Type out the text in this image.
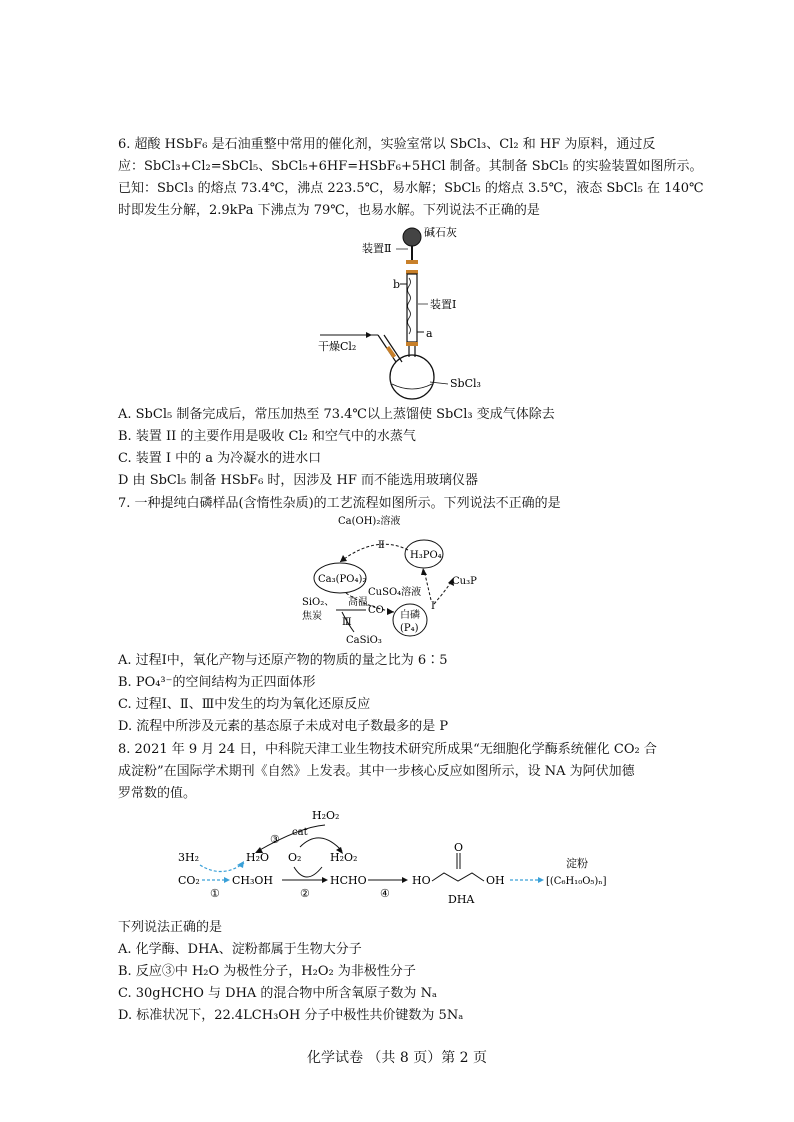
6. 超酸 HSbF₆ 是石油重整中常用的催化剂，实验室常以 SbCl₃、Cl₂ 和 HF 为原料，通过反
应：SbCl₃+Cl₂=SbCl₅、SbCl₅+6HF=HSbF₆+5HCl 制备。其制备 SbCl₅ 的实验装置如图所示。
已知：SbCl₃ 的熔点 73.4℃，沸点 223.5℃，易水解；SbCl₅ 的熔点 3.5℃，液态 SbCl₅ 在 140℃
时即发生分解，2.9kPa 下沸点为 79℃，也易水解。下列说法不正确的是
碱石灰
装置Ⅱ
b
装置Ⅰ
a
干燥Cl₂
SbCl₃
A. SbCl₅ 制备完成后，常压加热至 73.4℃以上蒸馏使 SbCl₃ 变成气体除去
B. 装置 II 的主要作用是吸收 Cl₂ 和空气中的水蒸气
C. 装置 I 中的 a 为冷凝水的进水口
D 由 SbCl₅ 制备 HSbF₆ 时，因涉及 HF 而不能选用玻璃仪器
7. 一种提纯白磷样品(含惰性杂质)的工艺流程如图所示。下列说法不正确的是
Ca(OH)₂溶液
Ⅱ
H₃PO₄
Ca₃(PO₄)₂	Cu₃P
CuSO₄溶液
高温	Ⅰ
SiO₂、
焦炭
CO
Ⅲ
白磷
(P₄)
CaSiO₃
A. 过程Ⅰ中，氧化产物与还原产物的物质的量之比为 6∶5
B. PO₄³⁻的空间结构为正四面体形
C. 过程Ⅰ、Ⅱ、Ⅲ中发生的均为氧化还原反应
D. 流程中所涉及元素的基态原子未成对电子数最多的是 P
8. 2021 年 9 月 24 日，中科院天津工业生物技术研究所成果“无细胞化学酶系统催化 CO₂ 合
成淀粉”在国际学术期刊《自然》上发表。其中一步核心反应如图所示，设 NA 为阿伏加德
罗常数的值。
H₂O₂
③
cat
3H₂	H₂O O₂	H₂O₂
CO₂
①
CH₃OH
②
HCHO
④
HO
O
OH
DHA
淀粉
[(C₆H₁₀O₅)ₙ]
下列说法正确的是
A. 化学酶、DHA、淀粉都属于生物大分子
B. 反应③中 H₂O 为极性分子，H₂O₂ 为非极性分子
C. 30gHCHO 与 DHA 的混合物中所含氧原子数为 Nₐ
D. 标准状况下，22.4LCH₃OH 分子中极性共价键数为 5Nₐ
化学试卷 （共 8 页）第 2 页
